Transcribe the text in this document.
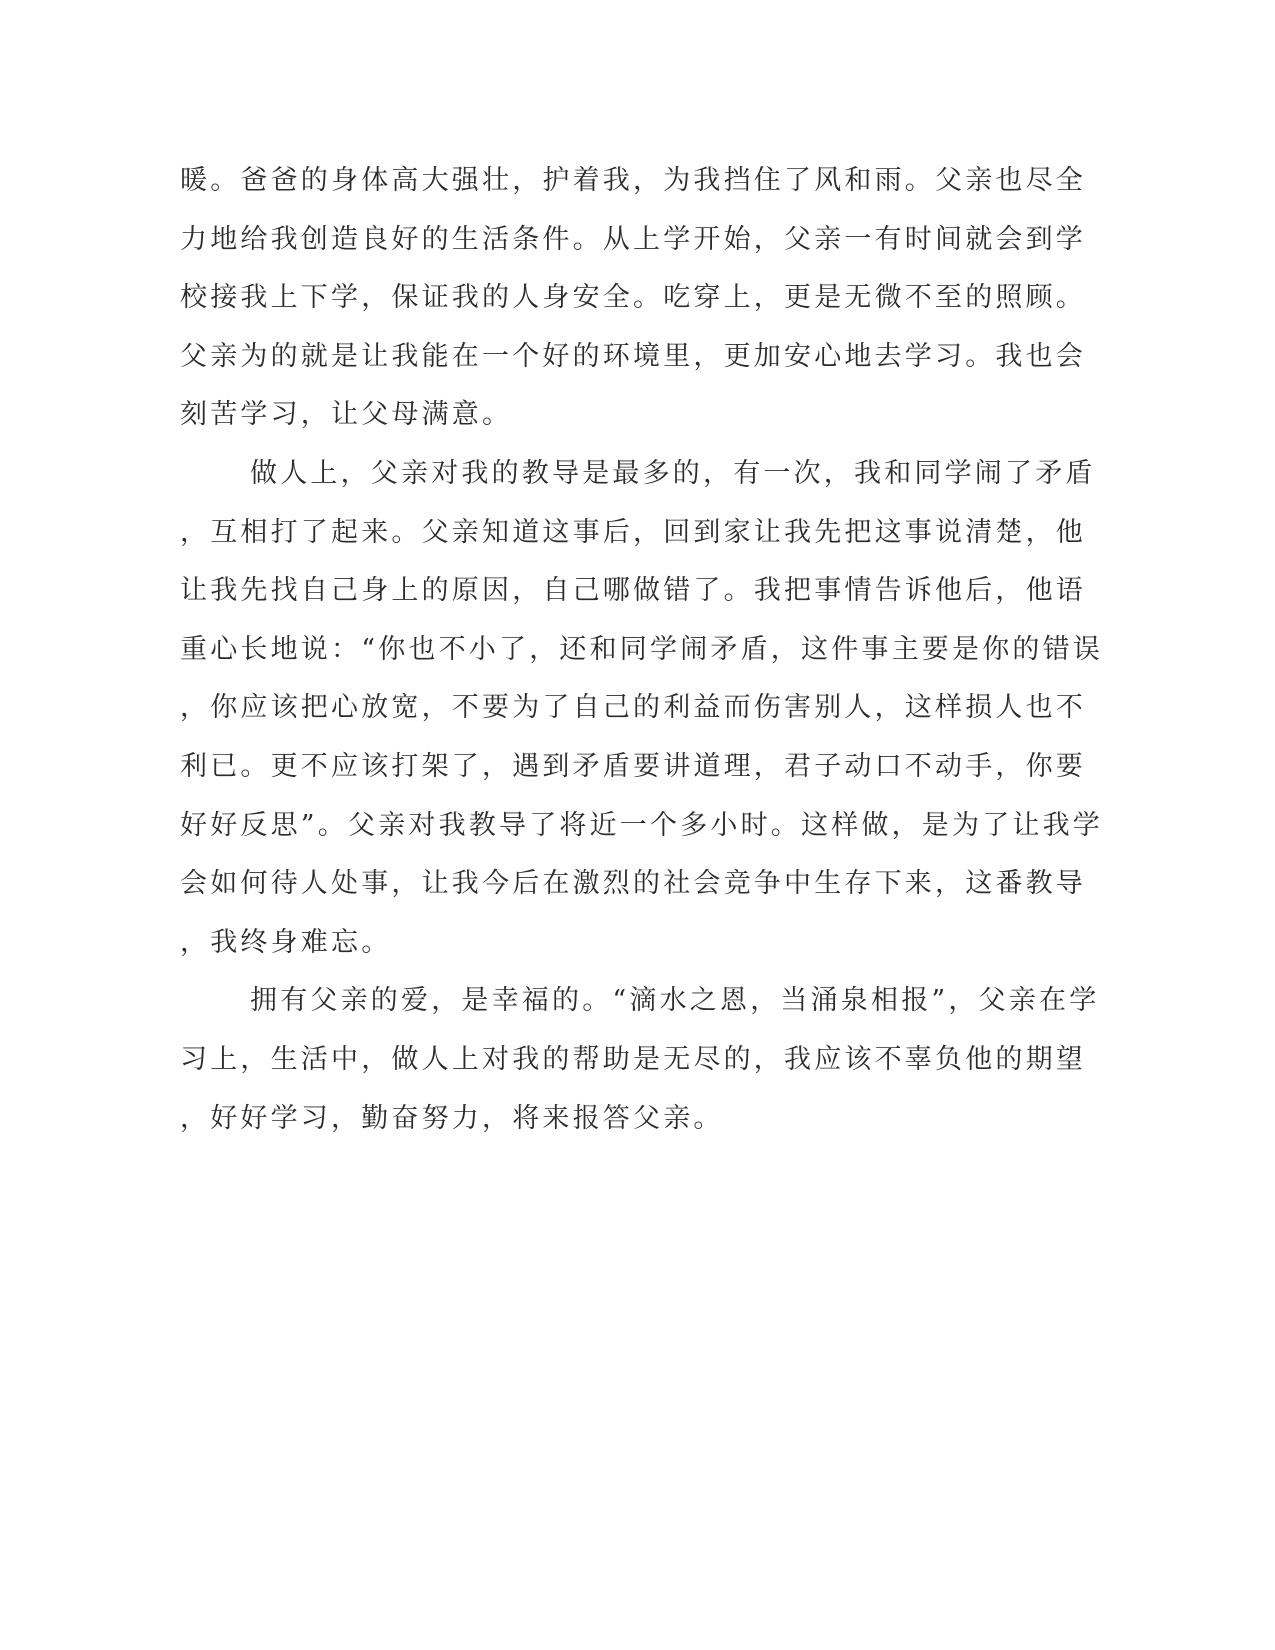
暖。爸爸的身体高大强壮，护着我，为我挡住了风和雨。父亲也尽全
力地给我创造良好的生活条件。从上学开始，父亲一有时间就会到学
校接我上下学，保证我的人身安全。吃穿上，更是无微不至的照顾。
父亲为的就是让我能在一个好的环境里，更加安心地去学习。我也会
刻苦学习，让父母满意。
做人上，父亲对我的教导是最多的，有一次，我和同学闹了矛盾
，互相打了起来。父亲知道这事后，回到家让我先把这事说清楚，他
让我先找自己身上的原因，自己哪做错了。我把事情告诉他后，他语
重心长地说：“你也不小了，还和同学闹矛盾，这件事主要是你的错误
，你应该把心放宽，不要为了自己的利益而伤害别人，这样损人也不
利已。更不应该打架了，遇到矛盾要讲道理，君子动口不动手，你要
好好反思”。父亲对我教导了将近一个多小时。这样做，是为了让我学
会如何待人处事，让我今后在激烈的社会竞争中生存下来，这番教导
，我终身难忘。
拥有父亲的爱，是幸福的。“滴水之恩，当涌泉相报”，父亲在学
习上，生活中，做人上对我的帮助是无尽的，我应该不辜负他的期望
，好好学习，勤奋努力，将来报答父亲。
